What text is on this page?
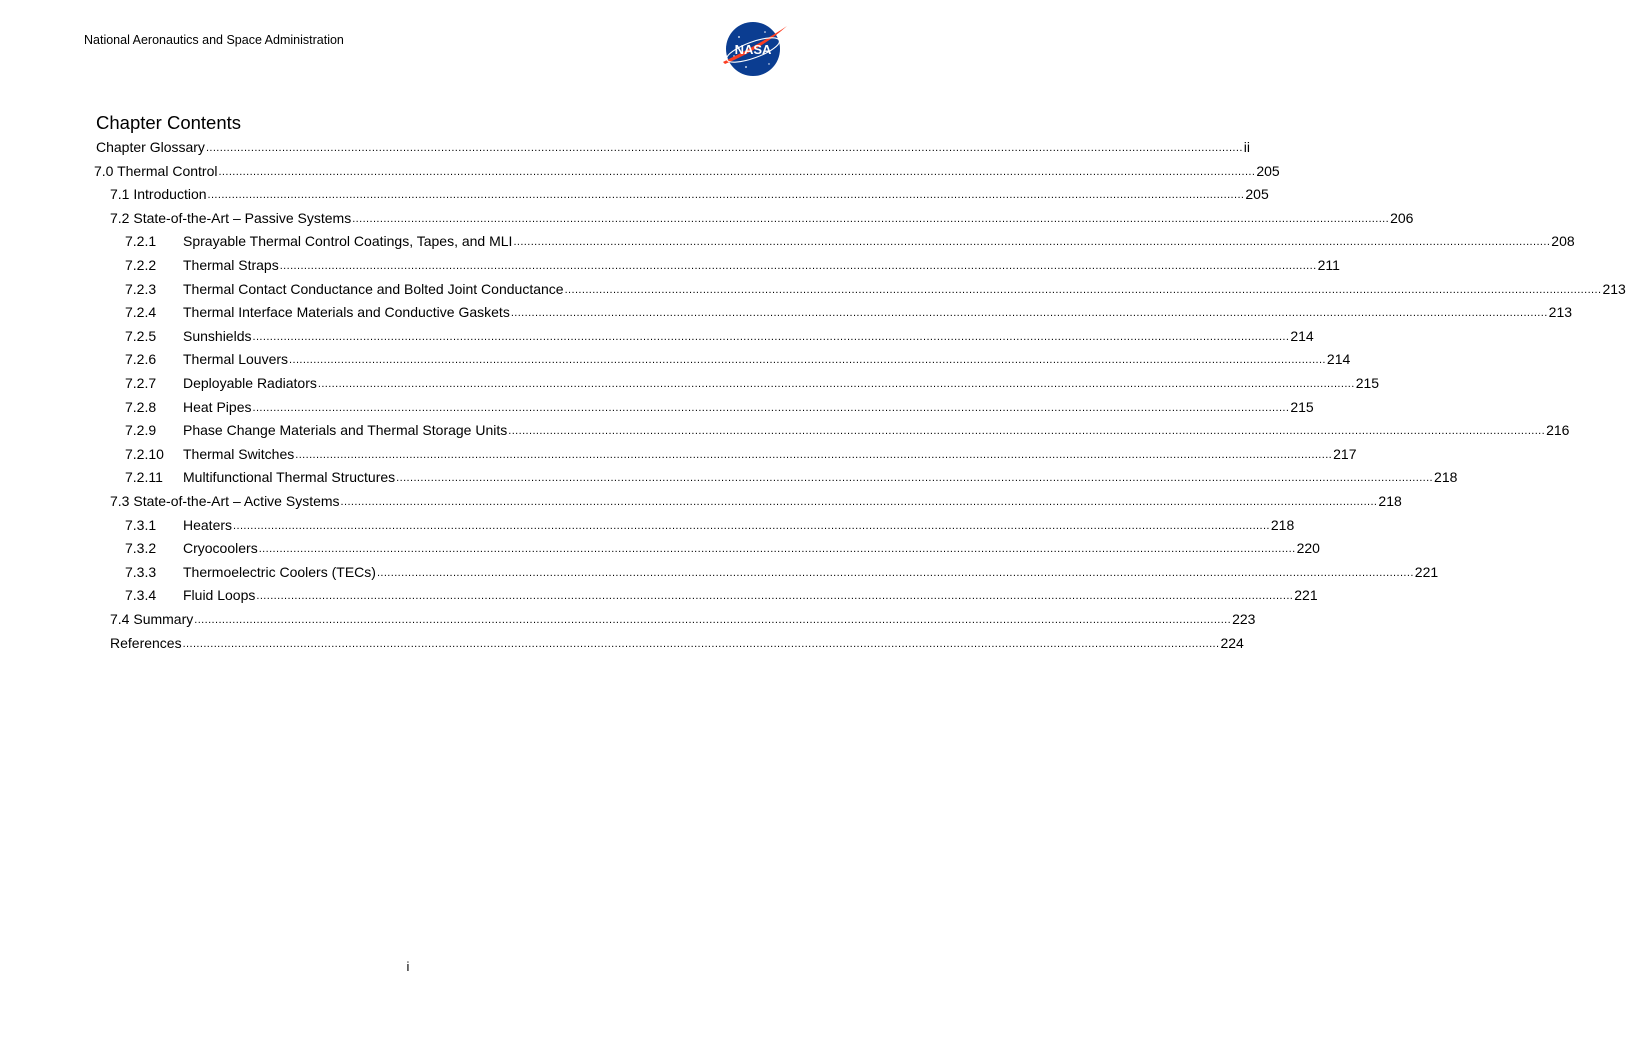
National Aeronautics and Space Administration
NASA
Chapter Contents
Chapter Glossary ............................................................................................................................................................................................................................................................................................................ ii
7.0 Thermal Control ............................................................................................................................................................................................................................................................................................................ 205
7.1 Introduction ............................................................................................................................................................................................................................................................................................................ 205
7.2 State-of-the-Art – Passive Systems ............................................................................................................................................................................................................................................................................................................ 206
7.2.1 Sprayable Thermal Control Coatings, Tapes, and MLI ............................................................................................................................................................................................................................................................................................................ 208
7.2.2 Thermal Straps ............................................................................................................................................................................................................................................................................................................ 211
7.2.3 Thermal Contact Conductance and Bolted Joint Conductance ............................................................................................................................................................................................................................................................................................................ 213
7.2.4 Thermal Interface Materials and Conductive Gaskets ............................................................................................................................................................................................................................................................................................................ 213
7.2.5 Sunshields ............................................................................................................................................................................................................................................................................................................ 214
7.2.6 Thermal Louvers ............................................................................................................................................................................................................................................................................................................ 214
7.2.7 Deployable Radiators ............................................................................................................................................................................................................................................................................................................ 215
7.2.8 Heat Pipes ............................................................................................................................................................................................................................................................................................................ 215
7.2.9 Phase Change Materials and Thermal Storage Units ............................................................................................................................................................................................................................................................................................................ 216
7.2.10 Thermal Switches ............................................................................................................................................................................................................................................................................................................ 217
7.2.11 Multifunctional Thermal Structures ............................................................................................................................................................................................................................................................................................................ 218
7.3 State-of-the-Art – Active Systems ............................................................................................................................................................................................................................................................................................................ 218
7.3.1 Heaters ............................................................................................................................................................................................................................................................................................................ 218
7.3.2 Cryocoolers ............................................................................................................................................................................................................................................................................................................ 220
7.3.3 Thermoelectric Coolers (TECs) ............................................................................................................................................................................................................................................................................................................ 221
7.3.4 Fluid Loops ............................................................................................................................................................................................................................................................................................................ 221
7.4 Summary ............................................................................................................................................................................................................................................................................................................ 223
References ............................................................................................................................................................................................................................................................................................................ 224
i
